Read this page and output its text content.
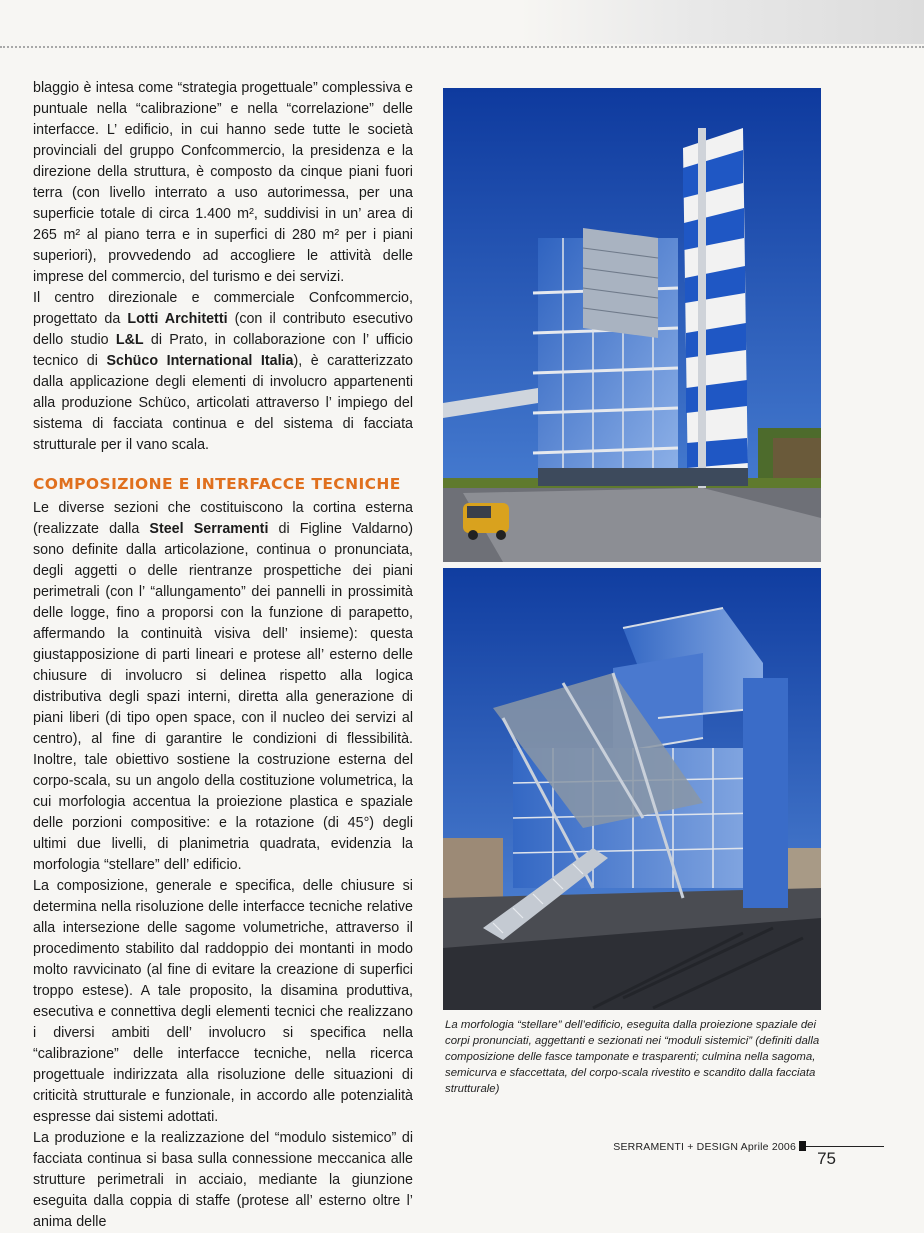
blaggio è intesa come “strategia progettuale” complessiva e puntuale nella “calibrazione” e nella “correlazione” delle interfacce. L’ edificio, in cui hanno sede tutte le società provinciali del gruppo Confcommercio, la presidenza e la direzione della struttura, è composto da cinque piani fuori terra (con livello interrato a uso autorimessa, per una superficie totale di circa 1.400 m², suddivisi in un’ area di 265 m² al piano terra e in superfici di 280 m² per i piani superiori), provvedendo ad accogliere le attività delle imprese del commercio, del turismo e dei servizi.

Il centro direzionale e commerciale Confcommercio, progettato da Lotti Architetti (con il contributo esecutivo dello studio L&L di Prato, in collaborazione con l’ ufficio tecnico di Schüco International Italia), è caratterizzato dalla applicazione degli elementi di involucro appartenenti alla produzione Schüco, articolati attraverso l’ impiego del sistema di facciata continua e del sistema di facciata strutturale per il vano scala.

COMPOSIZIONE E INTERFACCE TECNICHE

Le diverse sezioni che costituiscono la cortina esterna (realizzate dalla Steel Serramenti di Figline Valdarno) sono definite dalla articolazione, continua o pronunciata, degli aggetti o delle rientranze prospettiche dei piani perimetrali (con l’ “allungamento” dei pannelli in prossimità delle logge, fino a proporsi con la funzione di parapetto, affermando la continuità visiva dell’ insieme): questa giustapposizione di parti lineari e protese all’ esterno delle chiusure di involucro si delinea rispetto alla logica distributiva degli spazi interni, diretta alla generazione di piani liberi (di tipo open space, con il nucleo dei servizi al centro), al fine di garantire le condizioni di flessibilità. Inoltre, tale obiettivo sostiene la costruzione esterna del corpo-scala, su un angolo della costituzione volumetrica, la cui morfologia accentua la proiezione plastica e spaziale delle porzioni compositive: e la rotazione (di 45°) degli ultimi due livelli, di planimetria quadrata, evidenzia la morfologia “stellare” dell’ edificio.

La composizione, generale e specifica, delle chiusure si determina nella risoluzione delle interfacce tecniche relative alla intersezione delle sagome volumetriche, attraverso il procedimento stabilito dal raddoppio dei montanti in modo molto ravvicinato (al fine di evitare la creazione di superfici troppo estese). A tale proposito, la disamina produttiva, esecutiva e connettiva degli elementi tecnici che realizzano i diversi ambiti dell’ involucro si specifica nella “calibrazione” delle interfacce tecniche, nella ricerca progettuale indirizzata alla risoluzione delle situazioni di criticità strutturale e funzionale, in accordo alle potenzialità espresse dai sistemi adottati.

La produzione e la realizzazione del “modulo sistemico” di facciata continua si basa sulla connessione meccanica alle strutture perimetrali in acciaio, mediante la giunzione eseguita dalla coppia di staffe (protese all’ esterno oltre l’ anima delle

La morfologia “stellare” dell’edificio, eseguita dalla proiezione spaziale dei corpi pronunciati, aggettanti e sezionati nei “moduli sistemici” (definiti dalla composizione delle fasce tamponate e trasparenti; culmina nella sagoma, semicurva e sfaccettata, del corpo-scala rivestito e scandito dalla facciata strutturale)
SERRAMENTI + DESIGN Aprile 2006
75
